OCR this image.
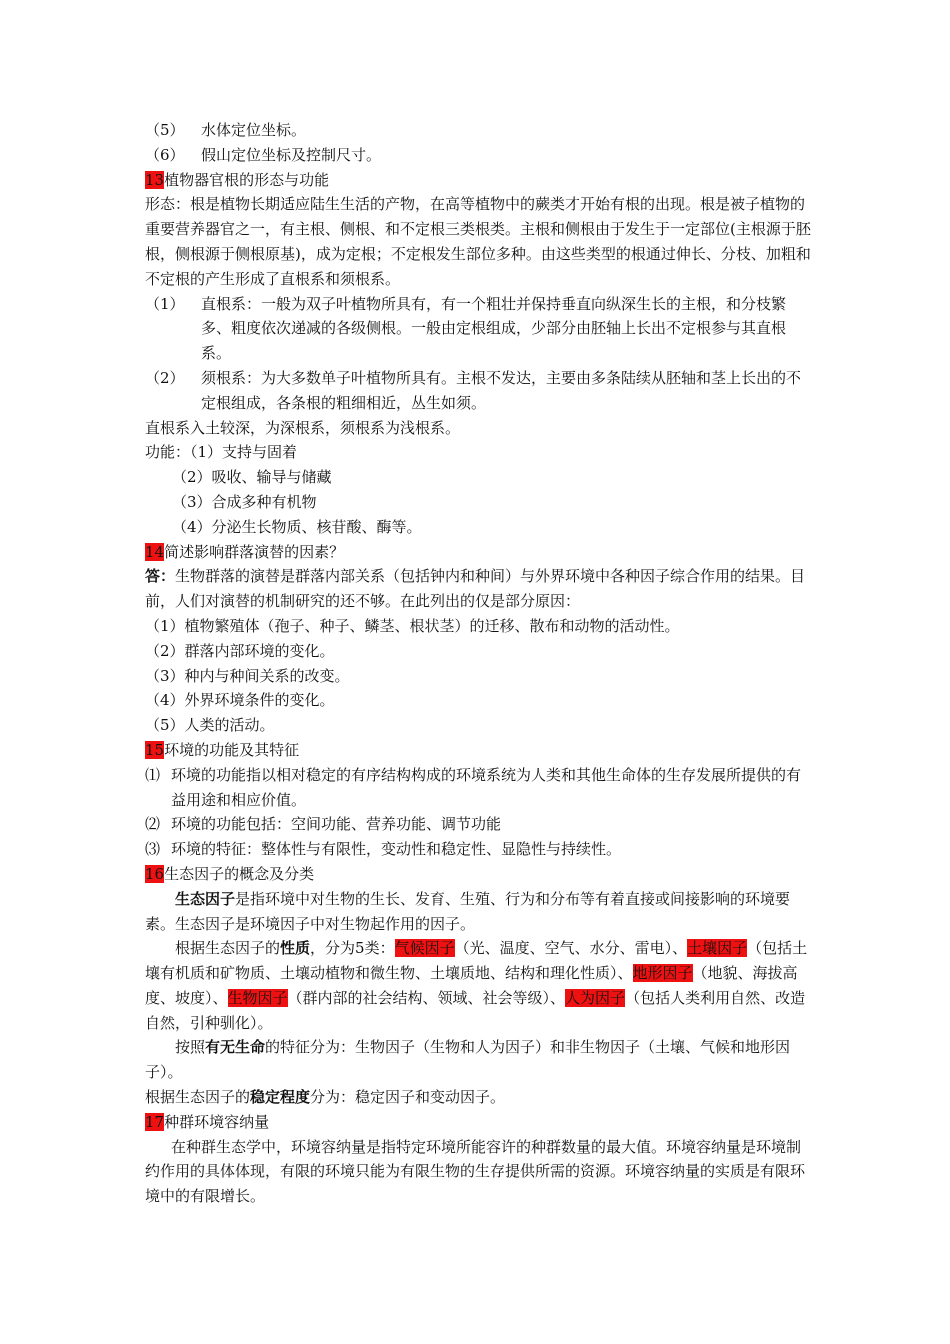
（5）	水体定位坐标。
（6）	假山定位坐标及控制尺寸。
13植物器官根的形态与功能
形态：根是植物长期适应陆生生活的产物，在高等植物中的蕨类才开始有根的出现。根是被子植物的重要营养器官之一，有主根、侧根、和不定根三类根类。主根和侧根由于发生于一定部位(主根源于胚根，侧根源于侧根原基)，成为定根；不定根发生部位多种。由这些类型的根通过伸长、分枝、加粗和不定根的产生形成了直根系和须根系。
（1）	直根系：一般为双子叶植物所具有，有一个粗壮并保持垂直向纵深生长的主根，和分枝繁多、粗度依次递减的各级侧根。一般由定根组成，少部分由胚轴上长出不定根参与其直根系。
（2）	须根系：为大多数单子叶植物所具有。主根不发达，主要由多条陆续从胚轴和茎上长出的不定根组成，各条根的粗细相近，丛生如须。
直根系入土较深，为深根系，须根系为浅根系。
功能：（1）支持与固着
（2）吸收、输导与储藏
（3）合成多种有机物
（4）分泌生长物质、核苷酸、酶等。
14简述影响群落演替的因素？
答：生物群落的演替是群落内部关系（包括钟内和种间）与外界环境中各种因子综合作用的结果。目前，人们对演替的机制研究的还不够。在此列出的仅是部分原因：
（1）植物繁殖体（孢子、种子、鳞茎、根状茎）的迁移、散布和动物的活动性。
（2）群落内部环境的变化。
（3）种内与种间关系的改变。
（4）外界环境条件的变化。
（5）人类的活动。
15环境的功能及其特征
⑴ 环境的功能指以相对稳定的有序结构构成的环境系统为人类和其他生命体的生存发展所提供的有益用途和相应价值。
⑵ 环境的功能包括：空间功能、营养功能、调节功能
⑶ 环境的特征：整体性与有限性，变动性和稳定性、显隐性与持续性。
16生态因子的概念及分类
生态因子是指环境中对生物的生长、发育、生殖、行为和分布等有着直接或间接影响的环境要素。生态因子是环境因子中对生物起作用的因子。
根据生态因子的性质，分为5类：气候因子（光、温度、空气、水分、雷电）、土壤因子（包括土壤有机质和矿物质、土壤动植物和微生物、土壤质地、结构和理化性质）、地形因子（地貌、海拔高度、坡度）、生物因子（群内部的社会结构、领域、社会等级）、人为因子（包括人类利用自然、改造自然，引种驯化）。
按照有无生命的特征分为：生物因子（生物和人为因子）和非生物因子（土壤、气候和地形因子）。
根据生态因子的稳定程度分为：稳定因子和变动因子。
17种群环境容纳量
在种群生态学中，环境容纳量是指特定环境所能容许的种群数量的最大值。环境容纳量是环境制约作用的具体体现，有限的环境只能为有限生物的生存提供所需的资源。环境容纳量的实质是有限环境中的有限增长。
